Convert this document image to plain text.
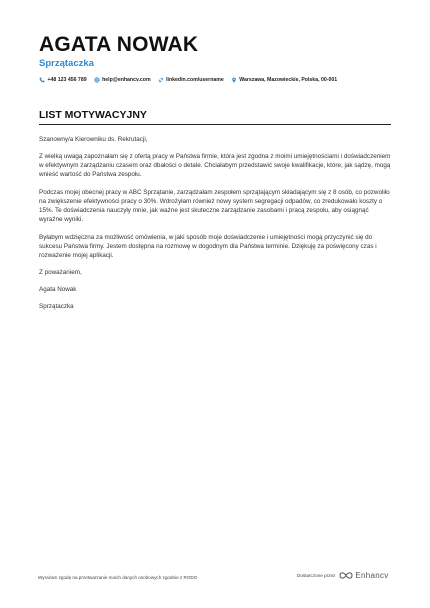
AGATA NOWAK
Sprzątaczka
+48 123 456 789	help@enhancv.com	linkedin.com/username	Warszawa, Mazowieckie, Polska, 00-001
LIST MOTYWACYJNY

Szanowny/a Kierowniku ds. Rekrutacji,

Z wielką uwagą zapoznałam się z ofertą pracy w Państwa firmie, która jest zgodna z moimi umiejętnościami i doświadczeniem w efektywnym zarządzaniu czasem oraz dbałości o detale. Chciałabym przedstawić swoje kwalifikacje, które, jak sądzę, mogą wnieść wartość do Państwa zespołu.

Podczas mojej obecnej pracy w ABC Sprzątanie, zarządzałam zespołem sprzątającym składającym się z 8 osób, co pozwoliło na zwiększenie efektywności pracy o 30%. Wdrożyłam również nowy system segregacji odpadów, co zredukowało koszty o 15%. Te doświadczenia nauczyły mnie, jak ważne jest skuteczne zarządzanie zasobami i pracą zespołu, aby osiągnąć wyraźne wyniki.

Byłabym wdzięczna za możliwość omówienia, w jaki sposób moje doświadczenie i umiejętności mogą przyczynić się do sukcesu Państwa firmy. Jestem dostępna na rozmowę w dogodnym dla Państwa terminie. Dziękuję za poświęcony czas i rozważenie mojej aplikacji.

Z poważaniem,

Agata Nowak

Sprzątaczka

Wyrażam zgodę na przetwarzanie moich danych osobowych zgodnie z RODO	Dostarczone przez	Enhancv
